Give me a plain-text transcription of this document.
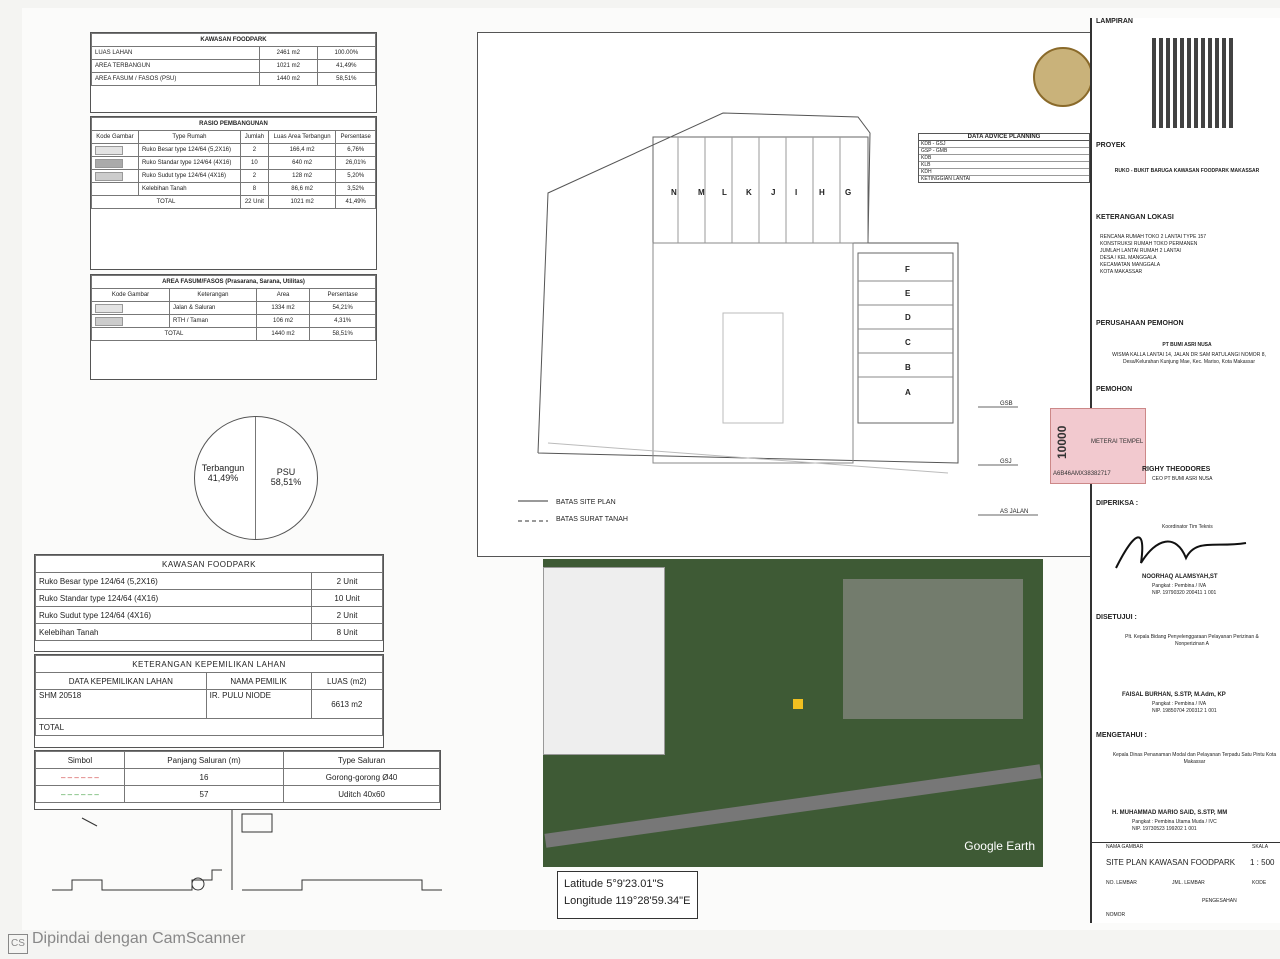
KAWASAN FOODPARK		
LUAS LAHAN	2461 m2	100.00%
AREA TERBANGUN	1021 m2	41,49%
AREA FASUM / FASOS (PSU)	1440 m2	58,51%
RASIO PEMBANGUNAN				
Kode Gambar	Type Rumah	Jumlah	Luas Area Terbangun	Persentase
	Ruko Besar type 124/64 (5,2X16)	2	166,4 m2	6,76%
	Ruko Standar type 124/64 (4X16)	10	640 m2	26,01%
	Ruko Sudut type 124/64 (4X16)	2	128 m2	5,20%
	Kelebihan Tanah	8	86,6 m2	3,52%
TOTAL		22 Unit	1021 m2	41,49%
AREA FASUM/FASOS (Prasarana, Sarana, Utilitas)			
Kode Gambar	Keterangan	Area	Persentase
	Jalan & Saluran	1334 m2	54,21%
	RTH / Taman	106 m2	4,31%
TOTAL		1440 m2	58,51%
Terbangun
41,49%
PSU
58,51%
KAWASAN FOODPARK	
Ruko Besar type 124/64 (5,2X16)	2 Unit
Ruko Standar type 124/64 (4X16)	10 Unit
Ruko Sudut type 124/64 (4X16)	2 Unit
Kelebihan Tanah	8 Unit
KETERANGAN KEPEMILIKAN LAHAN		
DATA KEPEMILIKAN LAHAN	NAMA PEMILIK	LUAS (m2)
SHM 20518	IR. PULU NIODE	6613 m2
TOTAL		
Simbol	Panjang Saluran (m)	Type Saluran
– – – – – –	16	Gorong-gorong Ø40
– – – – – –	57	Uditch 40x60
N	M L K J I	H	G
F
E
D
C
B
A
DATA ADVICE PLANNING
KDB - GSJ
GSP - GMB
KDB
KLB
KDH
KETINGGIAN LANTAI
BATAS SITE PLAN
BATAS SURAT TANAH
GSB
GSJ
AS JALAN
Google Earth
Latitude 5°9'23.01"S
Longitude 119°28'59.34"E
LAMPIRAN
PROYEK
RUKO - BUKIT BARUGA KAWASAN FOODPARK MAKASSAR
KETERANGAN LOKASI
RENCANA RUMAH TOKO 2 LANTAI TYPE 157
KONSTRUKSI RUMAH TOKO PERMANEN
JUMLAH LANTAI RUMAH 2 LANTAI
DESA / KEL MANGGALA
KECAMATAN MANGGALA
KOTA MAKASSAR
PERUSAHAAN PEMOHON
PT BUMI ASRI NUSA
WISMA KALLA LANTAI 14, JALAN DR SAM RATULANGI NOMOR 8, Desa/Kelurahan Kunjung Mae, Kec. Mariso, Kota Makassar
PEMOHON
10000	METERAI TEMPEL
A6B46AMX38382717
RIGHY THEODORES
CEO PT BUMI ASRI NUSA
DIPERIKSA :
Koordinator Tim Teknis
NOORHAQ ALAMSYAH,ST
Pangkat : Pembina / IVA
NIP. 19790320 200411 1 001
DISETUJUI :
Plt. Kepala Bidang Penyelenggaraan Pelayanan Perizinan & Nonperizinan A
FAISAL BURHAN, S.STP, M.Adm, KP
Pangkat : Pembina / IVA
NIP. 19850704 200312 1 001
MENGETAHUI :
Kepala Dinas Penanaman Modal dan Pelayanan Terpadu Satu Pintu Kota Makassar
H. MUHAMMAD MARIO SAID, S.STP, MM
Pangkat : Pembina Utama Muda / IVC
NIP. 19730523 199202 1 001
NAMA GAMBAR	SKALA
SITE PLAN KAWASAN FOODPARK 1 : 500
NO. LEMBAR	JML. LEMBAR	KODE
PENGESAHAN
NOMOR
CS Dipindai dengan CamScanner
